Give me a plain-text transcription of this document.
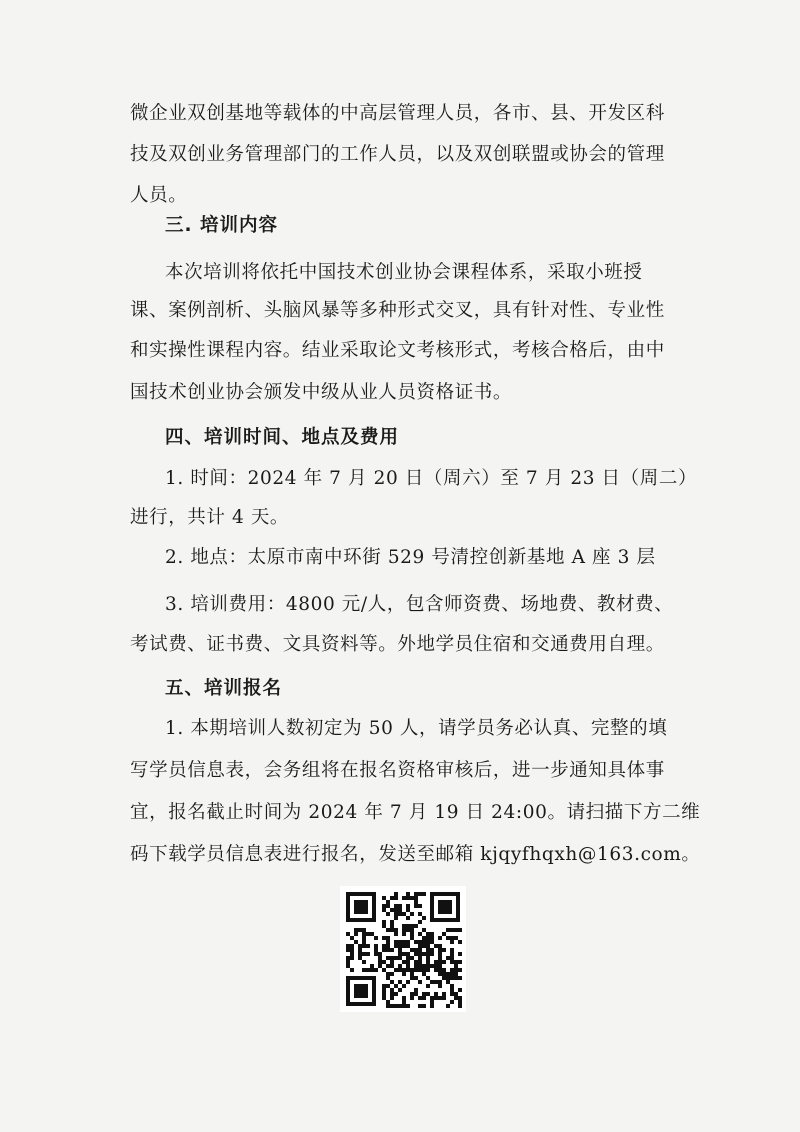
微企业双创基地等载体的中高层管理人员，各市、县、开发区科
技及双创业务管理部门的工作人员，以及双创联盟或协会的管理
人员。
三. 培训内容
本次培训将依托中国技术创业协会课程体系，采取小班授
课、案例剖析、头脑风暴等多种形式交叉，具有针对性、专业性
和实操性课程内容。结业采取论文考核形式，考核合格后，由中
国技术创业协会颁发中级从业人员资格证书。
四、培训时间、地点及费用
1. 时间：2024 年 7 月 20 日（周六）至 7 月 23 日（周二）
进行，共计 4 天。
2. 地点：太原市南中环街 529 号清控创新基地 A 座 3 层
3. 培训费用：4800 元/人，包含师资费、场地费、教材费、
考试费、证书费、文具资料等。外地学员住宿和交通费用自理。
五、培训报名
1. 本期培训人数初定为 50 人，请学员务必认真、完整的填
写学员信息表，会务组将在报名资格审核后，进一步通知具体事
宜，报名截止时间为 2024 年 7 月 19 日 24:00。请扫描下方二维
码下载学员信息表进行报名，发送至邮箱 kjqyfhqxh@163.com。
